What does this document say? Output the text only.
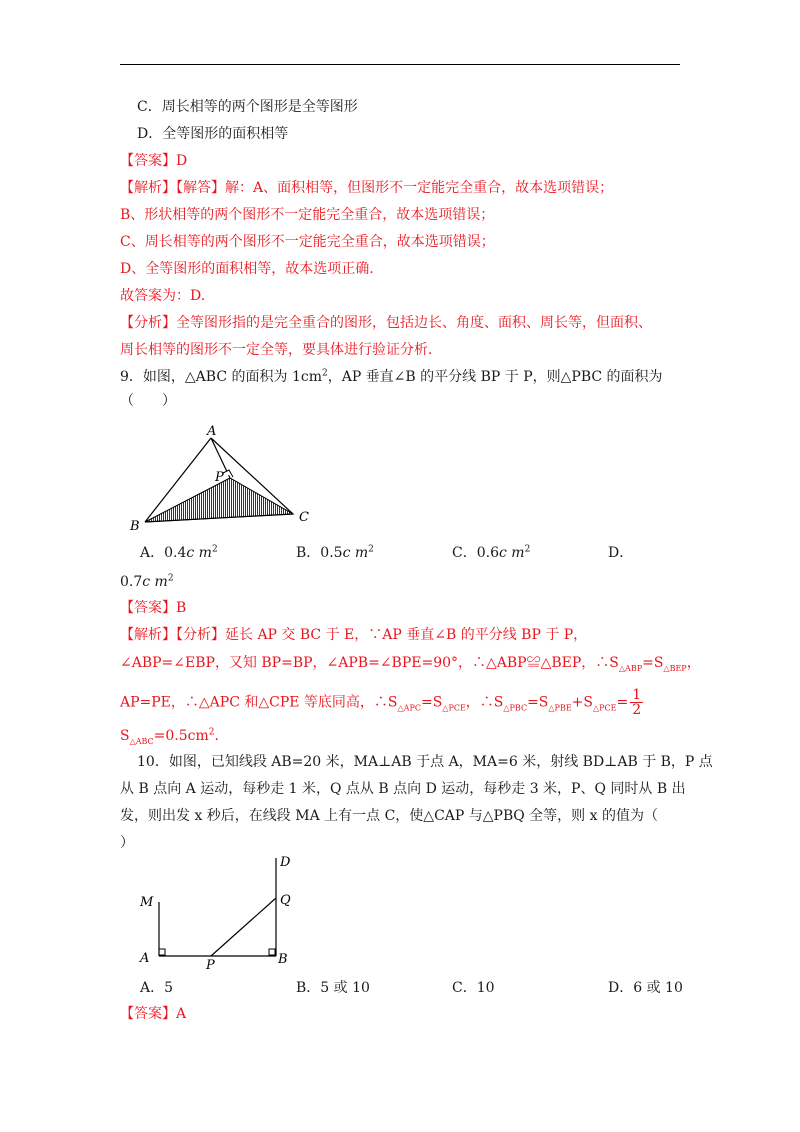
C．周长相等的两个图形是全等图形
D．全等图形的面积相等
【答案】D
【解析】【解答】解：A、面积相等，但图形不一定能完全重合，故本选项错误；
B、形状相等的两个图形不一定能完全重合，故本选项错误；
C、周长相等的两个图形不一定能完全重合，故本选项错误；
D、全等图形的面积相等，故本选项正确.
故答案为：D.
【分析】全等图形指的是完全重合的图形，包括边长、角度、面积、周长等，但面积、
周长相等的图形不一定全等，要具体进行验证分析.
9．如图，△ABC 的面积为 $1cm^2$，AP 垂直∠B 的平分线 BP 于 P，则△PBC 的面积为
（　　）
A
P
B
C
A．0.4c $m^2$	B．0.5c $m^2$	C．0.6c $m^2$	D．
0.7c $m^2$
【答案】B
【解析】【分析】延长 AP 交 BC 于 E，∵AP 垂直∠B 的平分线 BP 于 P，
∠ABP=∠EBP，又知 BP=BP，∠APB=∠BPE=90°，∴△ABP≌△BEP，$\therefore S_{\triangle ABP}=S_{\triangle BEP}$，
AP=PE，∴△APC 和△CPE 等底同高，$\therefore S_{\triangle APC}=S_{\triangle PCE}$，$\therefore S_{\triangle PBC}=S_{\triangle PBE}+S_{\triangle PCE}= \frac{1}{2}$
$S_{\triangle ABC}=0.5cm^2$.
10．如图，已知线段 AB=20 米，MA⊥AB 于点 A，MA=6 米，射线 BD⊥AB 于 B，P 点
从 B 点向 A 运动，每秒走 1 米，Q 点从 B 点向 D 运动，每秒走 3 米，P、Q 同时从 B 出
发，则出发 x 秒后，在线段 MA 上有一点 C，使△CAP 与△PBQ 全等，则 x 的值为（
）
M
A	P	B
Q
D
A．5	B．5 或 10	C．10	D．6 或 10
【答案】A
